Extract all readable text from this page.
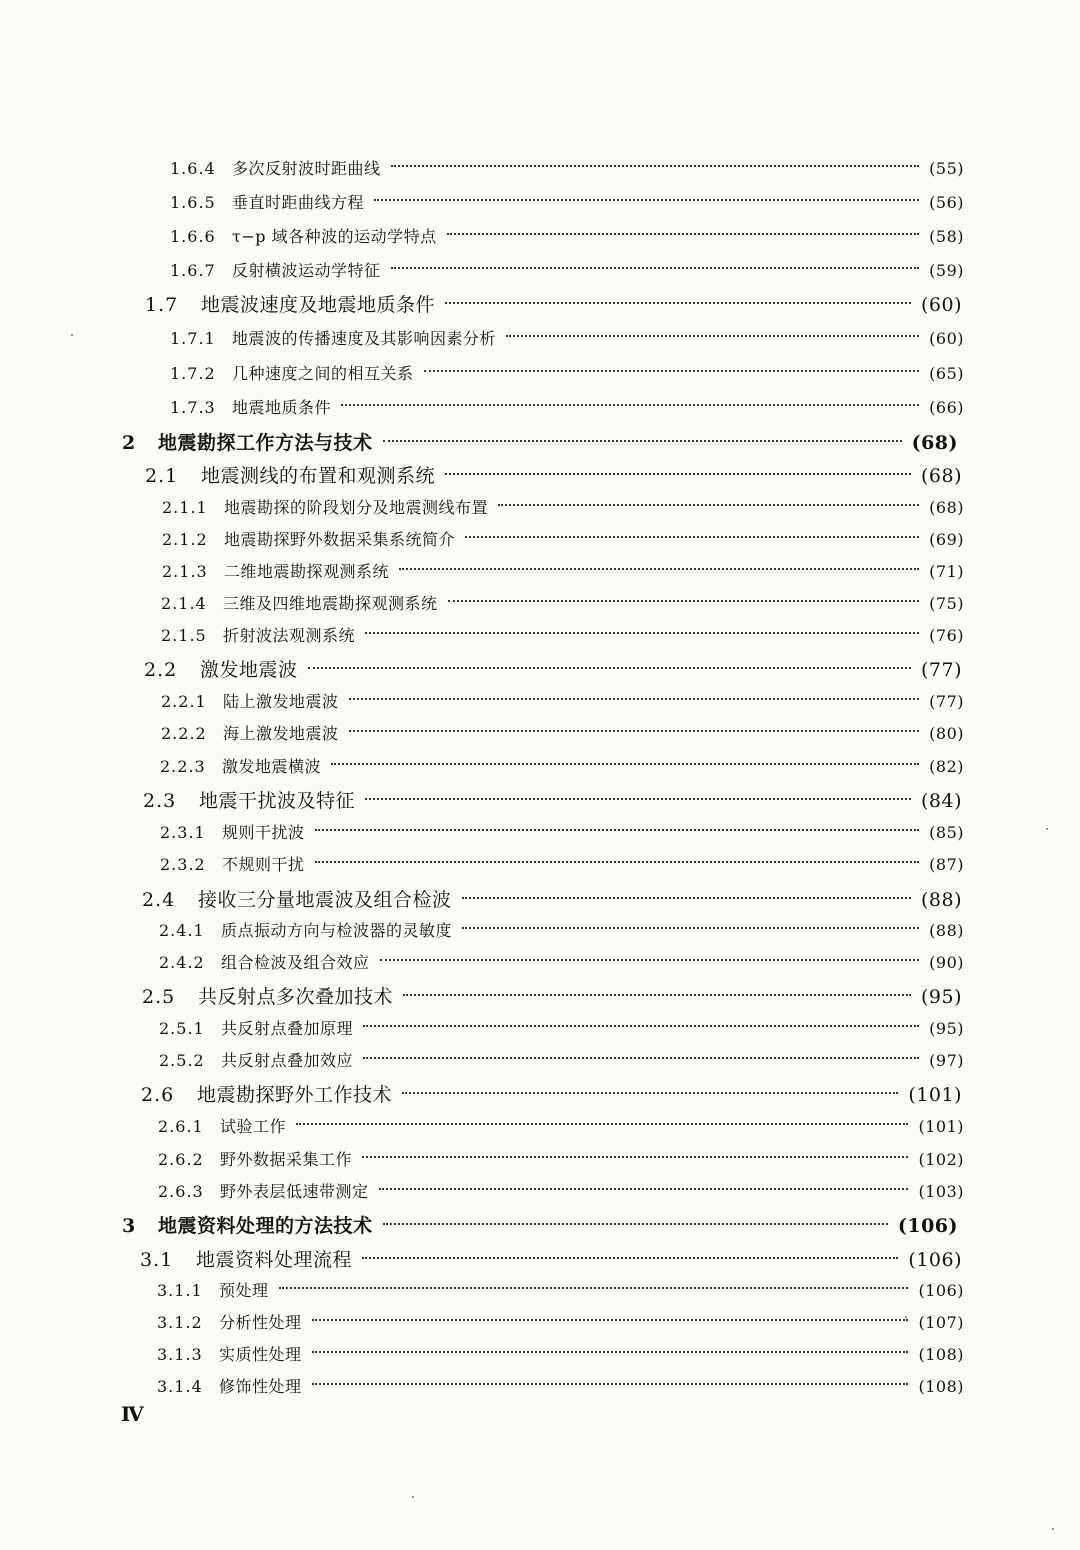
1.6.4	多次反射波时距曲线	(55)
1.6.5	垂直时距曲线方程	(56)
1.6.6	τ−p 域各种波的运动学特点	(58)
1.6.7	反射横波运动学特征	(59)
1.7	地震波速度及地震地质条件	(60)
1.7.1	地震波的传播速度及其影响因素分析	(60)
1.7.2	几种速度之间的相互关系	(65)
1.7.3	地震地质条件	(66)
2	地震勘探工作方法与技术	(68)
2.1	地震测线的布置和观测系统	(68)
2.1.1	地震勘探的阶段划分及地震测线布置	(68)
2.1.2	地震勘探野外数据采集系统简介	(69)
2.1.3	二维地震勘探观测系统	(71)
2.1.4	三维及四维地震勘探观测系统	(75)
2.1.5	折射波法观测系统	(76)
2.2	激发地震波	(77)
2.2.1	陆上激发地震波	(77)
2.2.2	海上激发地震波	(80)
2.2.3	激发地震横波	(82)
2.3	地震干扰波及特征	(84)
2.3.1	规则干扰波	(85)
2.3.2	不规则干扰	(87)
2.4	接收三分量地震波及组合检波	(88)
2.4.1	质点振动方向与检波器的灵敏度	(88)
2.4.2	组合检波及组合效应	(90)
2.5	共反射点多次叠加技术	(95)
2.5.1	共反射点叠加原理	(95)
2.5.2	共反射点叠加效应	(97)
2.6	地震勘探野外工作技术	(101)
2.6.1	试验工作	(101)
2.6.2	野外数据采集工作	(102)
2.6.3	野外表层低速带测定	(103)
3	地震资料处理的方法技术	(106)
3.1	地震资料处理流程	(106)
3.1.1	预处理	(106)
3.1.2	分析性处理	(107)
3.1.3	实质性处理	(108)
3.1.4	修饰性处理	(108)
Ⅳ
